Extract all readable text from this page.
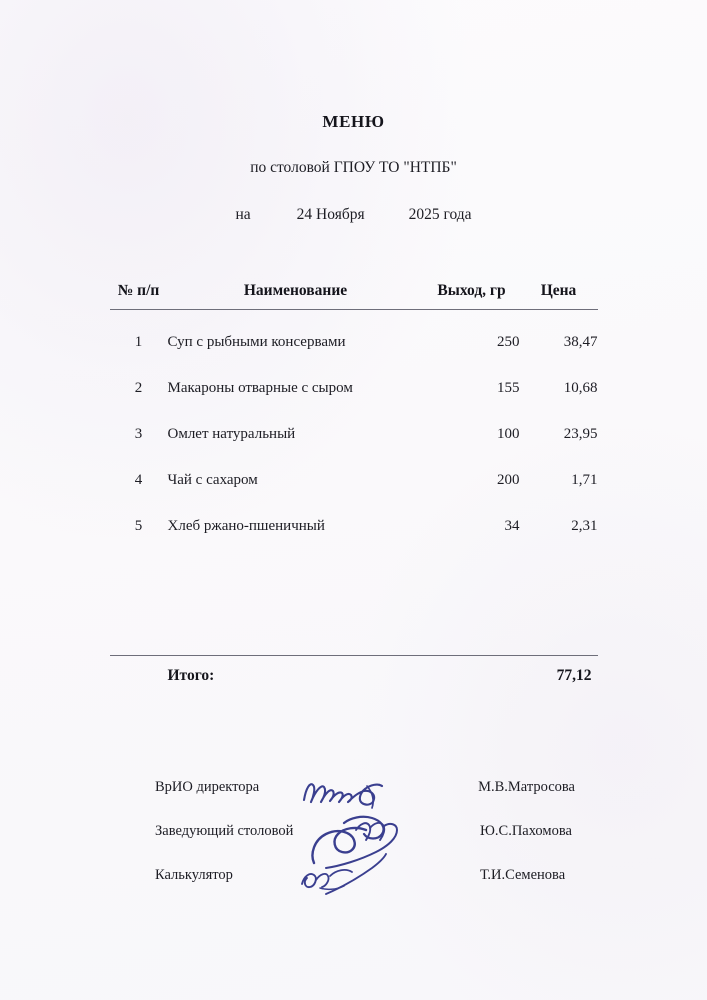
МЕНЮ
по столовой ГПОУ ТО "НТПБ"
на	24 Ноября	2025 года
№ п/п	Наименование	Выход, гр	Цена
1	Суп с рыбными консервами	250	38,47
2	Макароны отварные с сыром	155	10,68
3	Омлет натуральный	100	23,95
4	Чай с сахаром	200	1,71
5	Хлеб ржано-пшеничный	34	2,31
Итого:	77,12
ВрИО директора	М.В.Матросова
Заведующий столовой	Ю.С.Пахомова
Калькулятор	Т.И.Семенова
